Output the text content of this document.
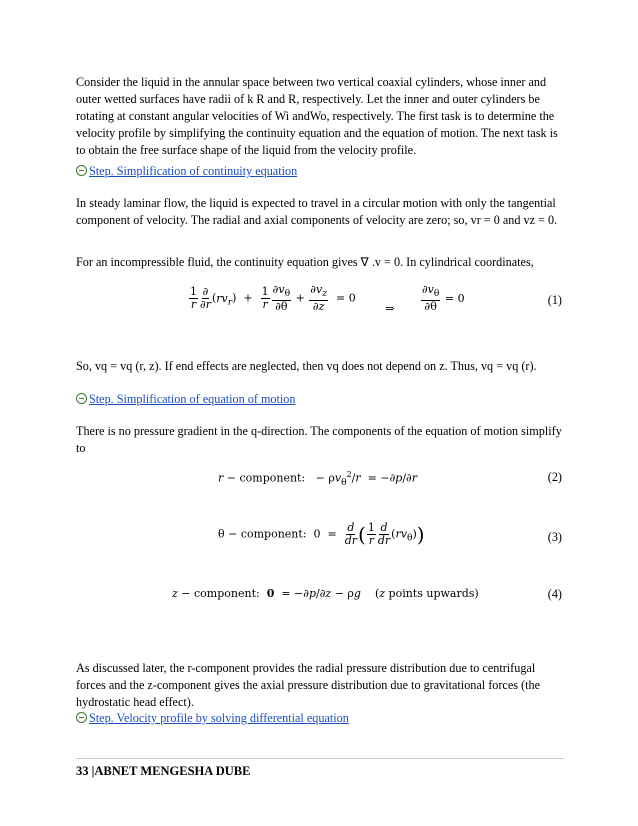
Consider the liquid in the annular space between two vertical coaxial cylinders, whose inner and outer wetted surfaces have radii of k R and R, respectively. Let the inner and outer cylinders be rotating at constant angular velocities of Wi andWo, respectively. The first task is to determine the velocity profile by simplifying the continuity equation and the equation of motion. The next task is to obtain the free surface shape of the liquid from the velocity profile.

Step. Simplification of continuity equation

In steady laminar flow, the liquid is expected to travel in a circular motion with only the tangential component of velocity. The radial and axial components of velocity are zero; so, vr = 0 and vz = 0.

For an incompressible fluid, the continuity equation gives ∇ .v = 0. In cylindrical coordinates,

$\frac{1}{r} \frac{\partial}{\partial r} (rv_r) + \frac{1}{r} \frac{\partial v_\theta}{\partial\theta} + \frac{\partial v_z}{\partial z} = 0$ ⇒ $\frac{\partial v_\theta}{\partial\theta} = 0$	(1)

So, vq = vq (r, z). If end effects are neglected, then vq does not depend on z. Thus, vq = vq (r).

Step. Simplification of equation of motion

There is no pressure gradient in the q-direction. The components of the equation of motion simplify to

r − component:   − $\rho v_\theta^2/r = -\partial p/\partial r$	(2)
θ − component:  $0 = \frac{d}{dr}$ ( $\frac{1}{r} \frac{d}{dr} (rv_\theta)$)	(3)
z − component:  0  = −∂p/∂z − ρg    (z points upwards)	(4)

As discussed later, the r-component provides the radial pressure distribution due to centrifugal forces and the z-component gives the axial pressure distribution due to gravitational forces (the hydrostatic head effect).

Step. Velocity profile by solving differential equation
33 |ABNET MENGESHA DUBE
